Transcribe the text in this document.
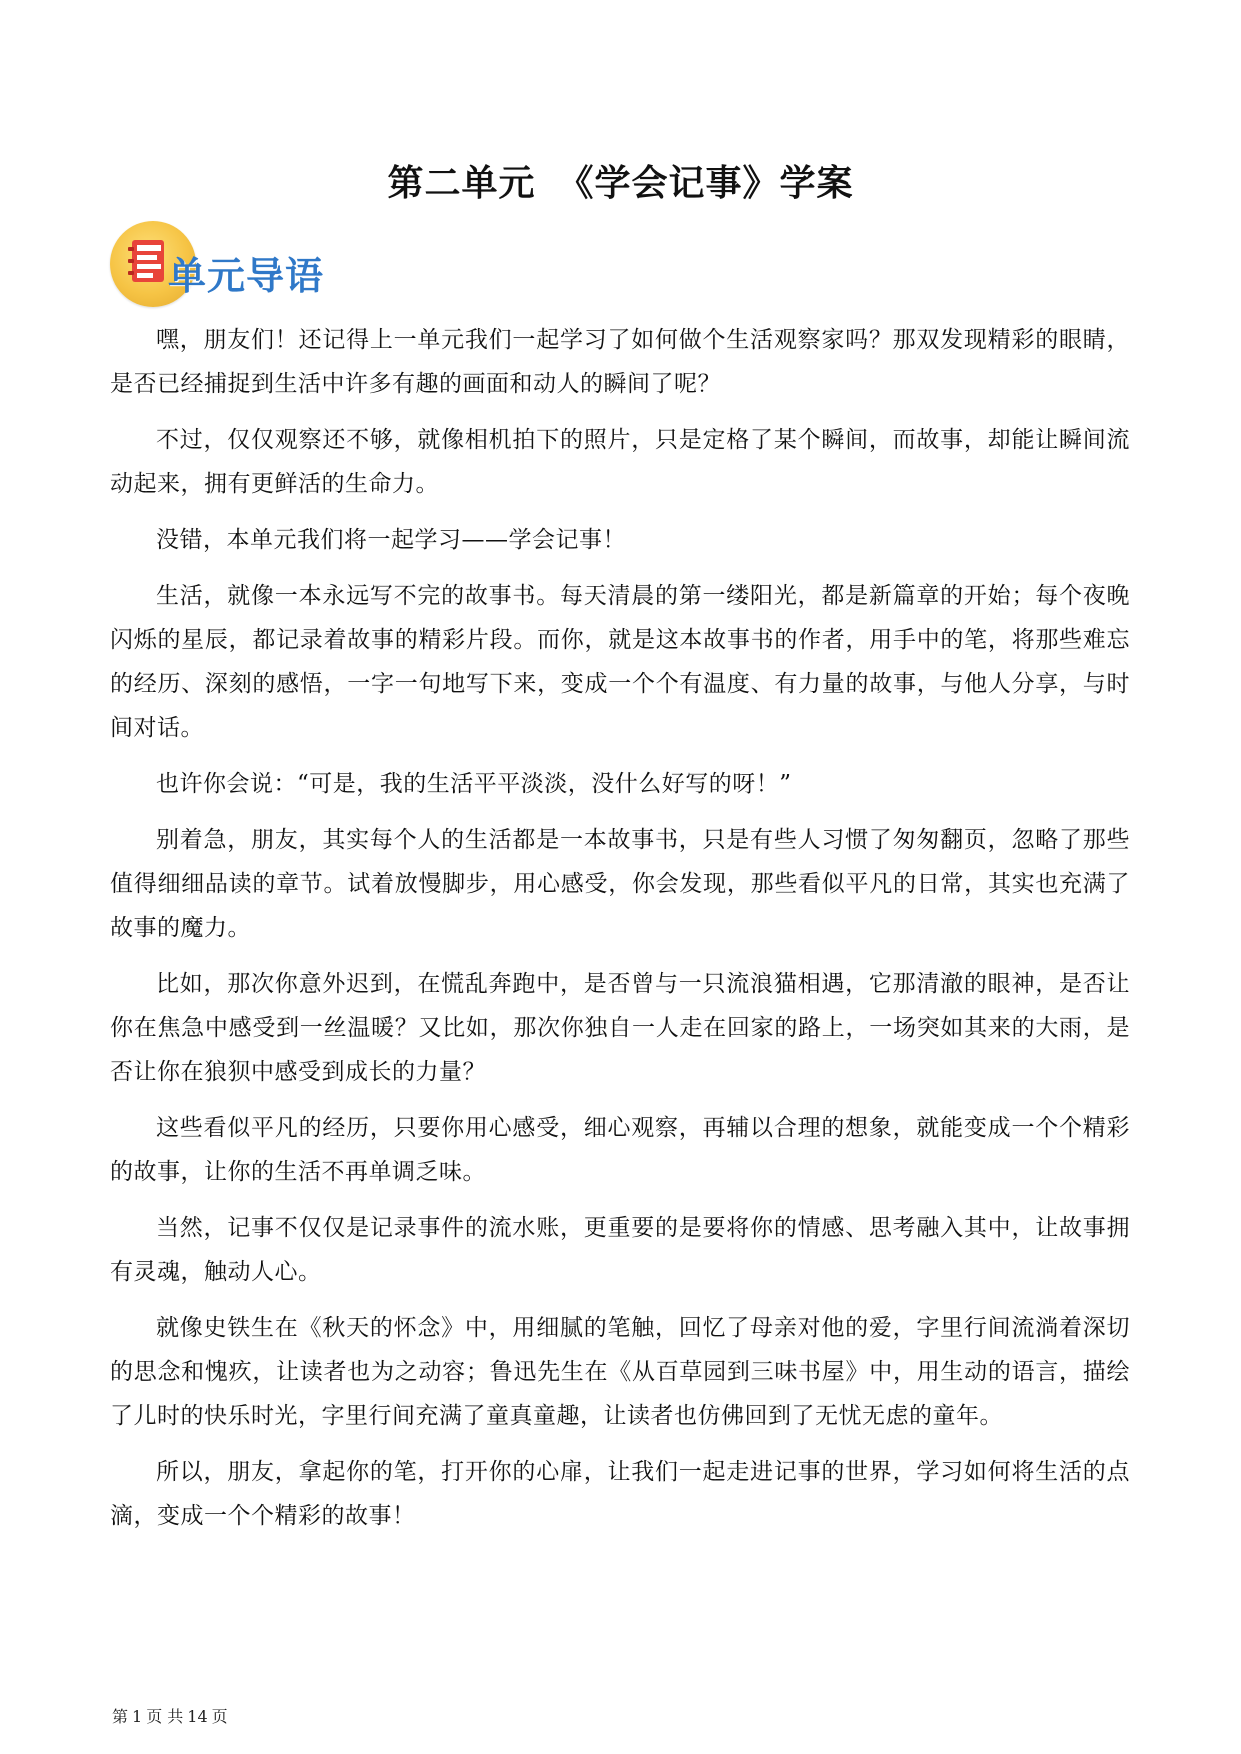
第二单元 《学会记事》学案
单元导语

嘿，朋友们！还记得上一单元我们一起学习了如何做个生活观察家吗？那双发现精彩的眼睛，是否已经捕捉到生活中许多有趣的画面和动人的瞬间了呢？

不过，仅仅观察还不够，就像相机拍下的照片，只是定格了某个瞬间，而故事，却能让瞬间流动起来，拥有更鲜活的生命力。

没错，本单元我们将一起学习——学会记事！

生活，就像一本永远写不完的故事书。每天清晨的第一缕阳光，都是新篇章的开始；每个夜晚闪烁的星辰，都记录着故事的精彩片段。而你，就是这本故事书的作者，用手中的笔，将那些难忘的经历、深刻的感悟，一字一句地写下来，变成一个个有温度、有力量的故事，与他人分享，与时间对话。

也许你会说：“可是，我的生活平平淡淡，没什么好写的呀！”

别着急，朋友，其实每个人的生活都是一本故事书，只是有些人习惯了匆匆翻页，忽略了那些值得细细品读的章节。试着放慢脚步，用心感受，你会发现，那些看似平凡的日常，其实也充满了故事的魔力。

比如，那次你意外迟到，在慌乱奔跑中，是否曾与一只流浪猫相遇，它那清澈的眼神，是否让你在焦急中感受到一丝温暖？又比如，那次你独自一人走在回家的路上，一场突如其来的大雨，是否让你在狼狈中感受到成长的力量？

这些看似平凡的经历，只要你用心感受，细心观察，再辅以合理的想象，就能变成一个个精彩的故事，让你的生活不再单调乏味。

当然，记事不仅仅是记录事件的流水账，更重要的是要将你的情感、思考融入其中，让故事拥有灵魂，触动人心。

就像史铁生在《秋天的怀念》中，用细腻的笔触，回忆了母亲对他的爱，字里行间流淌着深切的思念和愧疚，让读者也为之动容；鲁迅先生在《从百草园到三味书屋》中，用生动的语言，描绘了儿时的快乐时光，字里行间充满了童真童趣，让读者也仿佛回到了无忧无虑的童年。

所以，朋友，拿起你的笔，打开你的心扉，让我们一起走进记事的世界，学习如何将生活的点滴，变成一个个精彩的故事！

第 1 页 共 14 页
